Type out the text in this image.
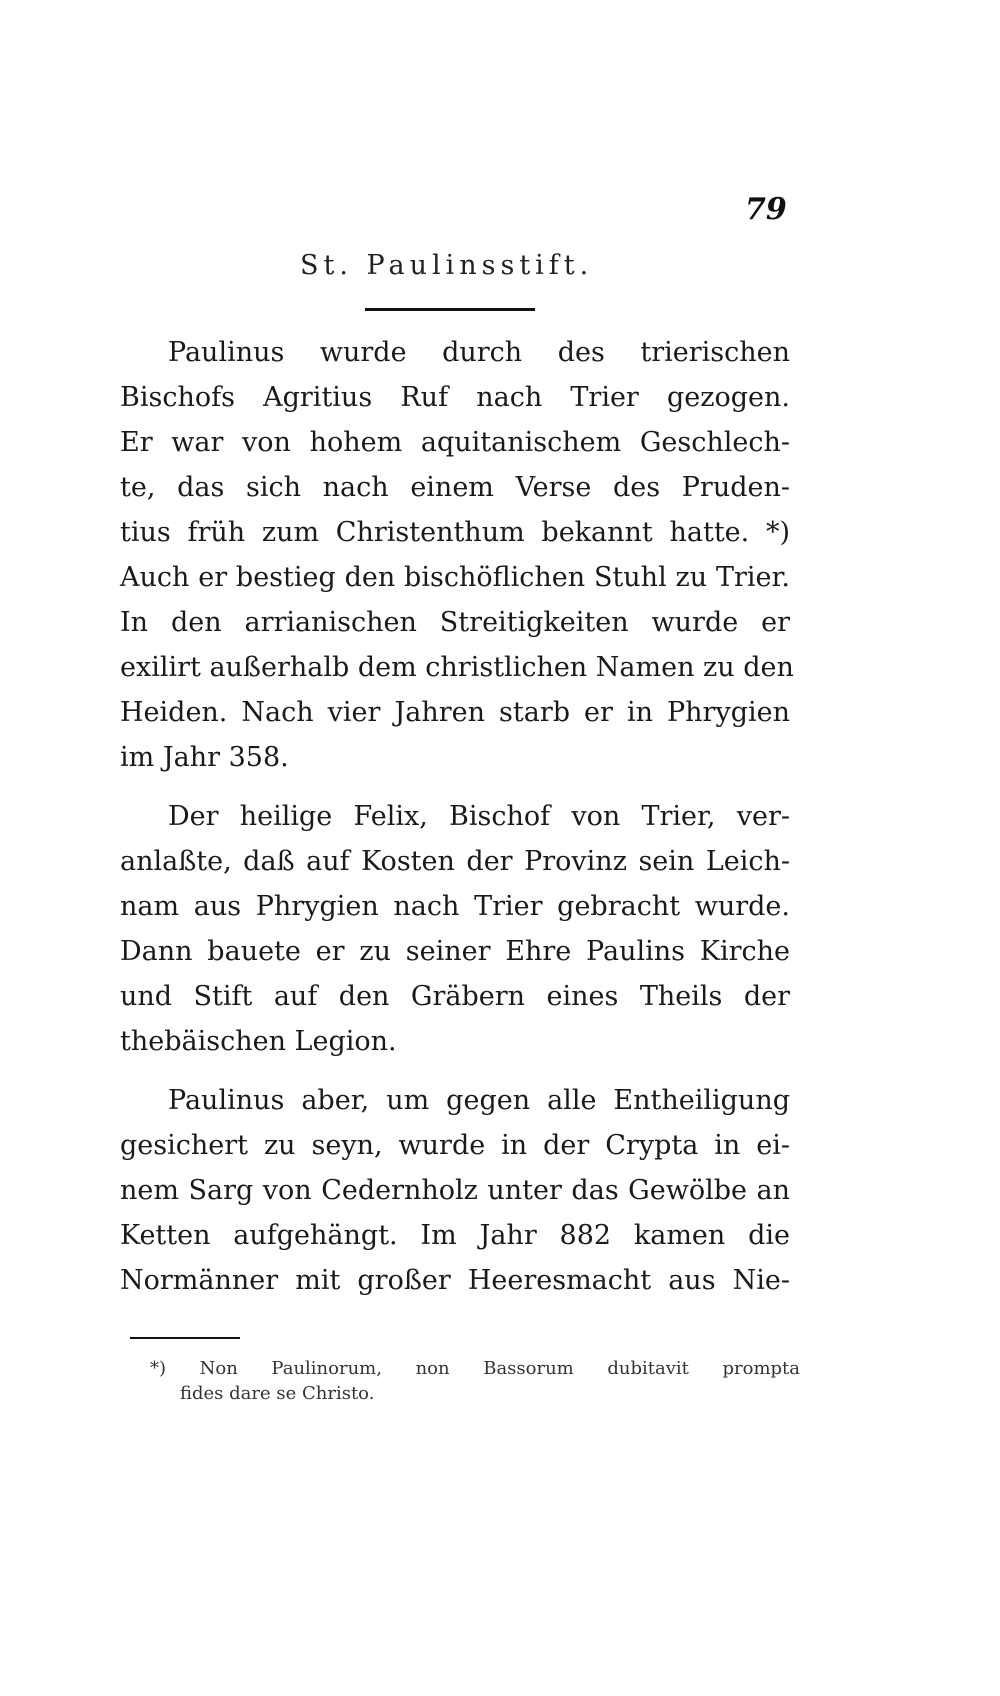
79
St. Paulinsstift.
Paulinus wurde durch des trierischen
Bischofs Agritius Ruf nach Trier gezogen.
Er war von hohem aquitanischem Geschlech-
te, das sich nach einem Verse des Pruden-
tius früh zum Christenthum bekannt hatte. *)
Auch er bestieg den bischöflichen Stuhl zu Trier.
In den arrianischen Streitigkeiten wurde er
exilirt außerhalb dem christlichen Namen zu den
Heiden. Nach vier Jahren starb er in Phrygien
im Jahr 358.
Der heilige Felix, Bischof von Trier, ver-
anlaßte, daß auf Kosten der Provinz sein Leich-
nam aus Phrygien nach Trier gebracht wurde.
Dann bauete er zu seiner Ehre Paulins Kirche
und Stift auf den Gräbern eines Theils der
thebäischen Legion.
Paulinus aber, um gegen alle Entheiligung
gesichert zu seyn, wurde in der Crypta in ei-
nem Sarg von Cedernholz unter das Gewölbe an
Ketten aufgehängt. Im Jahr 882 kamen die
Normänner mit großer Heeresmacht aus Nie-
*) Non Paulinorum, non Bassorum dubitavit prompta
fides dare se Christo.
